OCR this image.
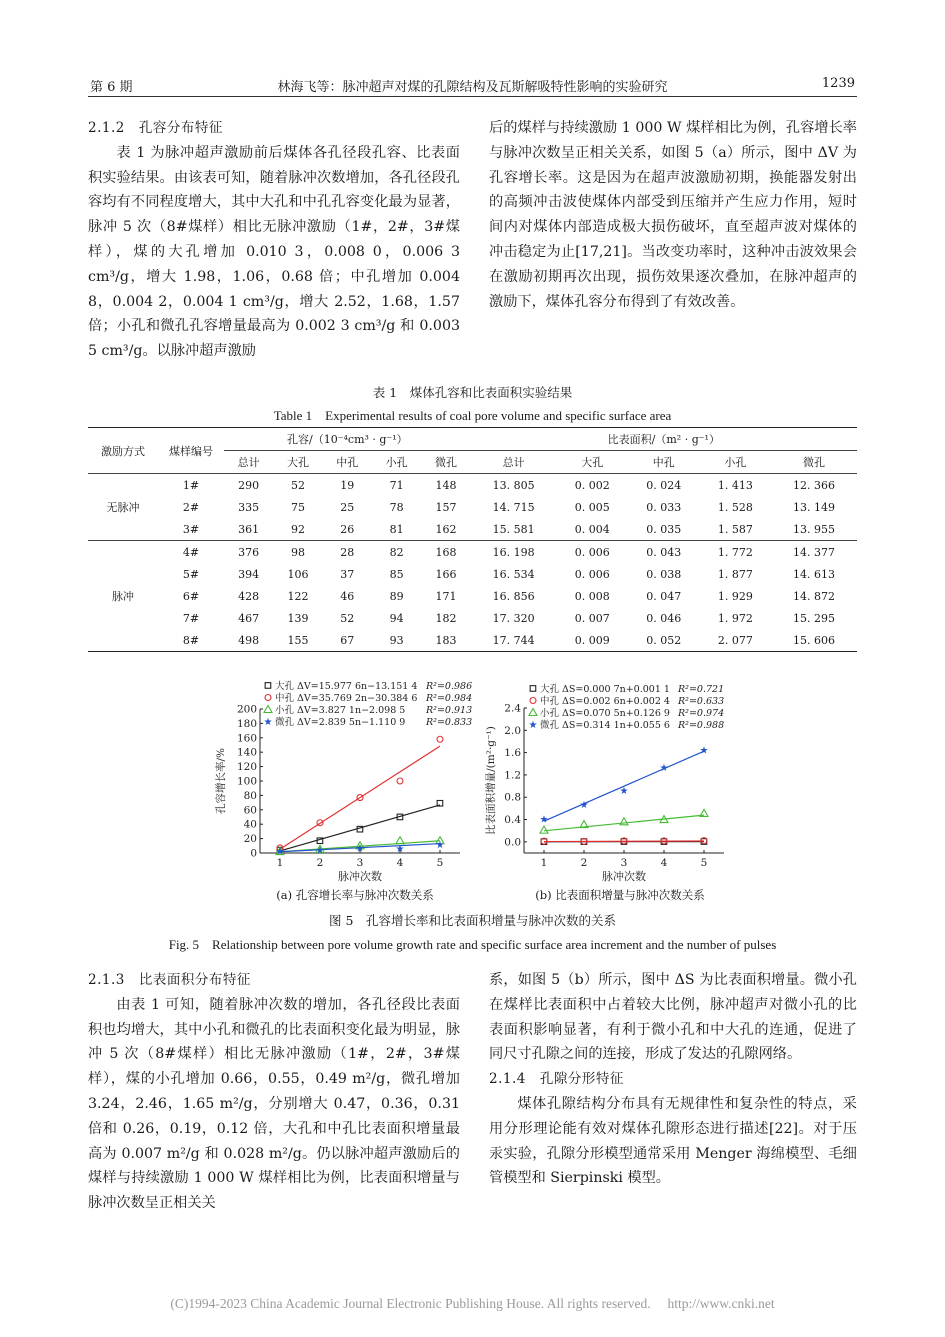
第 6 期	林海飞等：脉冲超声对煤的孔隙结构及瓦斯解吸特性影响的实验研究	1239

2.1.2　孔容分布特征

表 1 为脉冲超声激励前后煤体各孔径段孔容、比表面积实验结果。由该表可知，随着脉冲次数增加，各孔径段孔容均有不同程度增大，其中大孔和中孔孔容变化最为显著，脉冲 5 次（8#煤样）相比无脉冲激励（1#，2#，3#煤样），煤的大孔增加 0.010 3，0.008 0，0.006 3 cm³/g，增大 1.98，1.06，0.68 倍；中孔增加 0.004 8，0.004 2，0.004 1 cm³/g，增大 2.52，1.68，1.57 倍；小孔和微孔孔容增量最高为 0.002 3 cm³/g 和 0.003 5 cm³/g。以脉冲超声激励

后的煤样与持续激励 1 000 W 煤样相比为例，孔容增长率与脉冲次数呈正相关关系，如图 5（a）所示，图中 ΔV 为孔容增长率。这是因为在超声波激励初期，换能器发射出的高频冲击波使煤体内部受到压缩并产生应力作用，短时间内对煤体内部造成极大损伤破坏，直至超声波对煤体的冲击稳定为止[17,21]。当改变功率时，这种冲击波效果会在激励初期再次出现，损伤效果逐次叠加，在脉冲超声的激励下，煤体孔容分布得到了有效改善。

表 1　煤体孔容和比表面积实验结果
Table 1　Experimental results of coal pore volume and specific surface area
激励方式	煤样编号	孔容/（10⁻⁴cm³ · g⁻¹）					比表面积/（m² · g⁻¹）				
		总计	大孔	中孔	小孔	微孔	总计	大孔	中孔	小孔	微孔
无脉冲	1#	290	52	19	71	148	13. 805	0. 002	0. 024	1. 413	12. 366
	2#	335	75	25	78	157	14. 715	0. 005	0. 033	1. 528	13. 149
	3#	361	92	26	81	162	15. 581	0. 004	0. 035	1. 587	13. 955
脉冲	4#	376	98	28	82	168	16. 198	0. 006	0. 043	1. 772	14. 377
	5#	394	106	37	85	166	16. 534	0. 006	0. 038	1. 877	14. 613
	6#	428	122	46	89	171	16. 856	0. 008	0. 047	1. 929	14. 872
	7#	467	139	52	94	182	17. 320	0. 007	0. 046	1. 972	15. 295
	8#	498	155	67	93	183	17. 744	0. 009	0. 052	2. 077	15. 606
0
20
40
60
80
100
120
140
160
180
200
1	2	3	4	5
脉冲次数
孔容增长率/%
大孔 ΔV=15.977 6n−13.151 4 R²=0.986
中孔 ΔV=35.769 2n−30.384 6 R²=0.984
小孔 ΔV=3.827 1n−2.098 5 R²=0.913
★	★	★	★	★
★ 微孔 ΔV=2.839 5n−1.110 9 R²=0.833
(a) 孔容增长率与脉冲次数关系
0.0
0.4
0.8
1.2
1.6
2.0
2.4
1	2	3	4	5
脉冲次数
比表面积增量/(m²·g⁻¹)
大孔 ΔS=0.000 7n+0.001 1 R²=0.721
中孔 ΔS=0.002 6n+0.002 4 R²=0.633
小孔 ΔS=0.070 5n+0.126 9 R²=0.974
★
★
★
★
★
★ 微孔 ΔS=0.314 1n+0.055 6 R²=0.988
(b) 比表面积增量与脉冲次数关系
图 5　孔容增长率和比表面积增量与脉冲次数的关系
Fig. 5　Relationship between pore volume growth rate and specific surface area increment and the number of pulses

2.1.3　比表面积分布特征

由表 1 可知，随着脉冲次数的增加，各孔径段比表面积也均增大，其中小孔和微孔的比表面积变化最为明显，脉冲 5 次（8#煤样）相比无脉冲激励（1#，2#，3#煤样），煤的小孔增加 0.66，0.55，0.49 m²/g，微孔增加 3.24，2.46，1.65 m²/g，分别增大 0.47，0.36，0.31 倍和 0.26，0.19，0.12 倍，大孔和中孔比表面积增量最高为 0.007 m²/g 和 0.028 m²/g。仍以脉冲超声激励后的煤样与持续激励 1 000 W 煤样相比为例，比表面积增量与脉冲次数呈正相关关

系，如图 5（b）所示，图中 ΔS 为比表面积增量。微小孔在煤样比表面积中占着较大比例，脉冲超声对微小孔的比表面积影响显著，有利于微小孔和中大孔的连通，促进了同尺寸孔隙之间的连接，形成了发达的孔隙网络。

2.1.4　孔隙分形特征

煤体孔隙结构分布具有无规律性和复杂性的特点，采用分形理论能有效对煤体孔隙形态进行描述[22]。对于压汞实验，孔隙分形模型通常采用 Menger 海绵模型、毛细管模型和 Sierpinski 模型。

(C)1994-2023 China Academic Journal Electronic Publishing House. All rights reserved.　 http://www.cnki.net
